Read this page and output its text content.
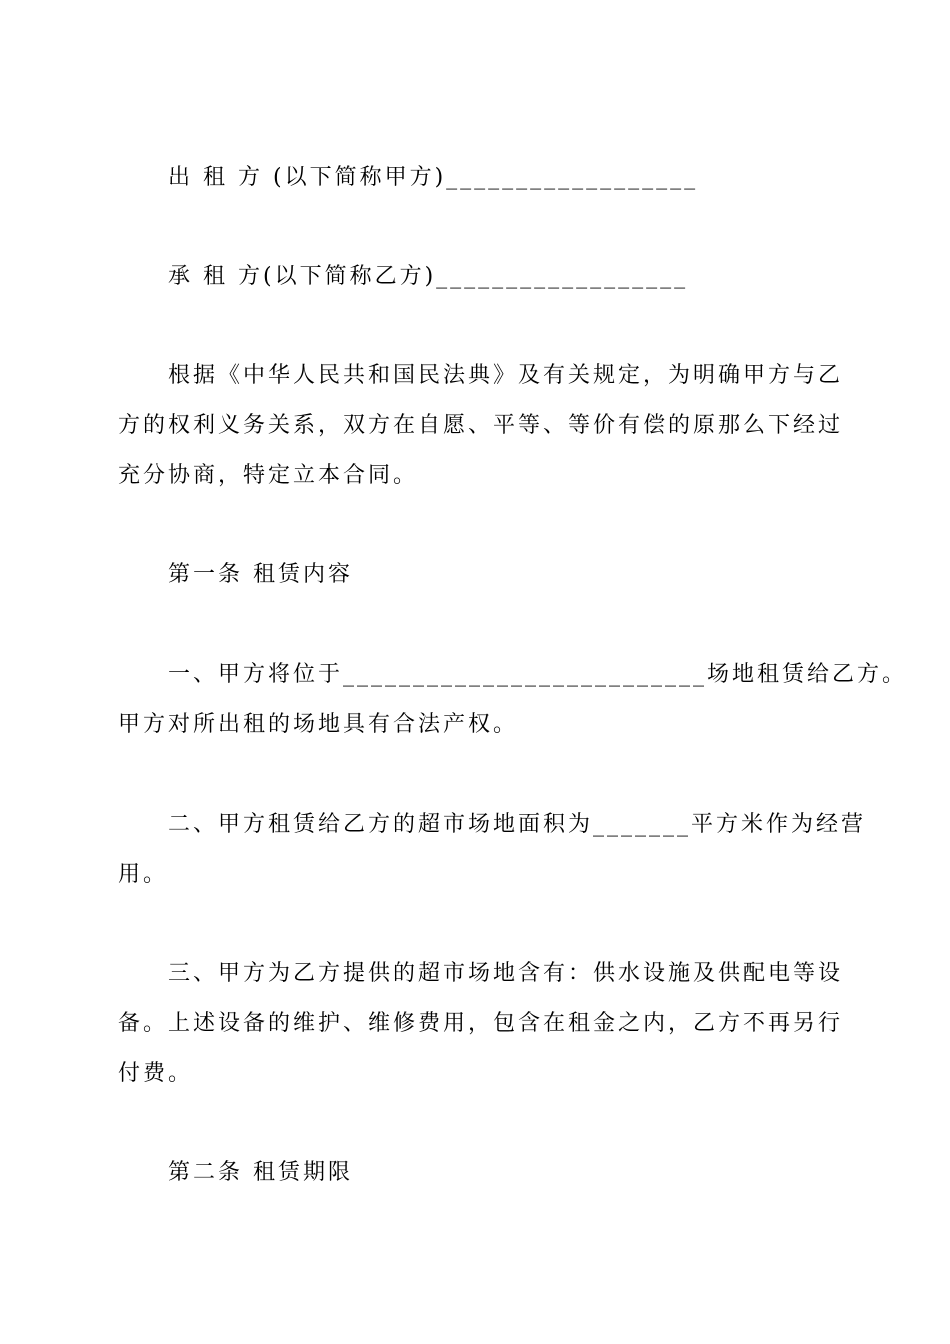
出 租 方 (以下简称甲方)__________________
承 租 方(以下简称乙方)__________________
根据《中华人民共和国民法典》及有关规定，为明确甲方与乙
方的权利义务关系，双方在自愿、平等、等价有偿的原那么下经过
充分协商，特定立本合同。
第一条 租赁内容
一、甲方将位于__________________________场地租赁给乙方。
甲方对所出租的场地具有合法产权。
二、甲方租赁给乙方的超市场地面积为_______平方米作为经营
用。
三、甲方为乙方提供的超市场地含有：供水设施及供配电等设
备。上述设备的维护、维修费用，包含在租金之内，乙方不再另行
付费。
第二条 租赁期限
